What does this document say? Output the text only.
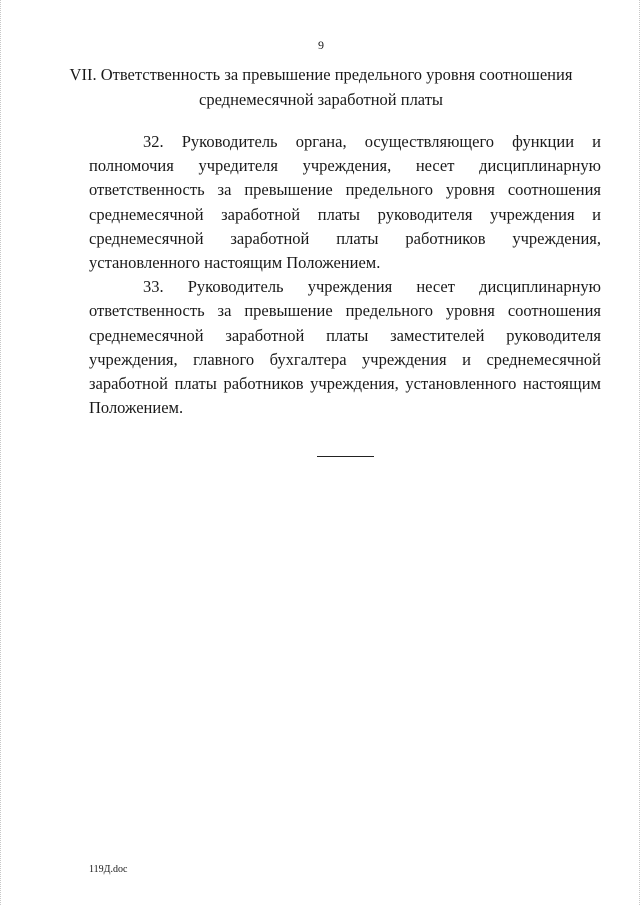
9
VII. Ответственность за превышение предельного уровня соотношения
среднемесячной заработной платы

32. Руководитель органа, осуществляющего функции и полномочия учредителя учреждения, несет дисциплинарную ответственность за превышение предельного уровня соотношения среднемесячной заработной платы руководителя учреждения и среднемесячной заработной платы работников учреждения, установленного настоящим Положением.

33. Руководитель учреждения несет дисциплинарную ответственность за превышение предельного уровня соотношения среднемесячной заработной платы заместителей руководителя учреждения, главного бухгалтера учреждения и среднемесячной заработной платы работников учреждения, установленного настоящим Положением.

119Д.doc
